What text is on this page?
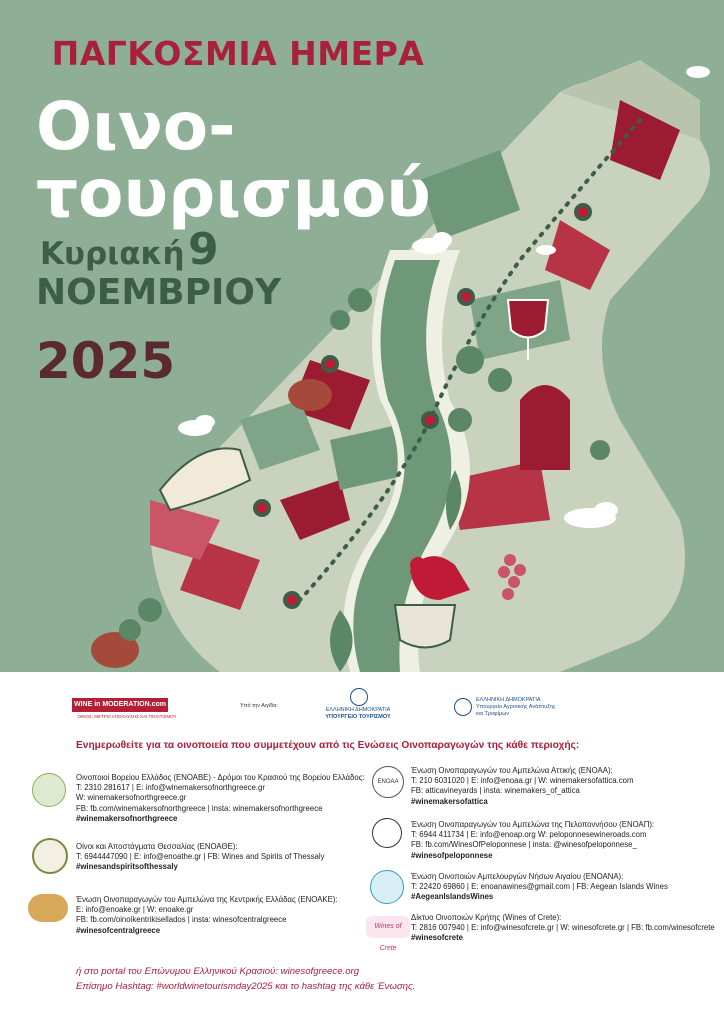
ΠΑΓΚΟΣΜΙΑ ΗΜΕΡΑ
Οινο-
τουρισμού
Κυριακή 9
ΝΟΕΜΒΡΙΟΥ
2025
WINE in MODERATION.com
ΟΙΝΟΣ, ΜΕΤΡΙΑ ΑΠΟΛΑΥΣΗΣ ΚΑΙ ΠΟΛΙΤΙΣΜΟΥ
Υπό την Αιγίδα:
ΕΛΛΗΝΙΚΗ ΔΗΜΟΚΡΑΤΙΑ
ΥΠΟΥΡΓΕΙΟ ΤΟΥΡΙΣΜΟΥ
ΕΛΛΗΝΙΚΗ ΔΗΜΟΚΡΑΤΙΑ
Υπουργείο Αγροτικής Ανάπτυξης
και Τροφίμων
Ενημερωθείτε για τα οινοποιεία που συμμετέχουν από τις Ενώσεις Οινοπαραγωγών της κάθε περιοχής:
Οινοποιοί Βορείου Ελλάδος (ΕΝΟΑΒΕ) - Δρόμοι του Κρασιού της Βορείου Ελλάδος:
T: 2310 281617 | E: info@winemakersofnorthgreece.gr
W: winemakersofnorthgreece.gr
FB: fb.com/winemakersofnorthgreece | insta: winemakersofnorthgreece
#winemakersofnorthgreece
Οίνοι και Αποστάγματα Θεσσαλίας (ΕΝΟΑΘΕ):
T: 6944447090 | E: info@enoathe.gr | FB: Wines and Spirits of Thessaly
#winesandspiritsofthessaly
Ένωση Οινοπαραγωγών του Αμπελώνα της Κεντρικής Ελλάδας (ΕΝΟΑΚΕ):
E: info@enoake.gr | W: enoake.gr
FB: fb.com/oinoikentrikisellados | insta: winesofcentralgreece
#winesofcentralgreece
ENOAA
Wines of Crete
Ένωση Οινοπαραγωγών του Αμπελώνα Αττικής (ΕΝΟΑΑ):
T: 210 6031020 | E: info@enoaa.gr | W: winemakersofattica.com
FB: atticavineyards | insta: winemakers_of_attica
#winemakersofattica
Ένωση Οινοπαραγωγών του Αμπελώνα της Πελοποννήσου (ΕΝΟΑΠ):
T: 6944 411734 | E: info@enoap.org W: peloponnesewineroads.com
FB: fb.com/WinesOfPeloponnese | insta: @winesofpeloponnese_
#winesofpeloponnese
Ένωση Οινοποιών Αμπελουργών Νήσων Αιγαίου (ΕΝΟΑΝΑ):
T: 22420 69860 | E: enoanawines@gmail.com | FB: Aegean Islands Wines
#AegeanIslandsWines
Δίκτυο Οινοποιών Κρήτης (Wines of Crete):
T: 2816 007940 | E: info@winesofcrete.gr | W: winesofcrete.gr | FB: fb.com/winesofcrete
#winesofcrete
ή στο portal του Επώνυμου Ελληνικού Κρασιού: winesofgreece.org
Επίσημο Hashtag: #worldwinetourismday2025 και το hashtag της κάθε Ένωσης.
